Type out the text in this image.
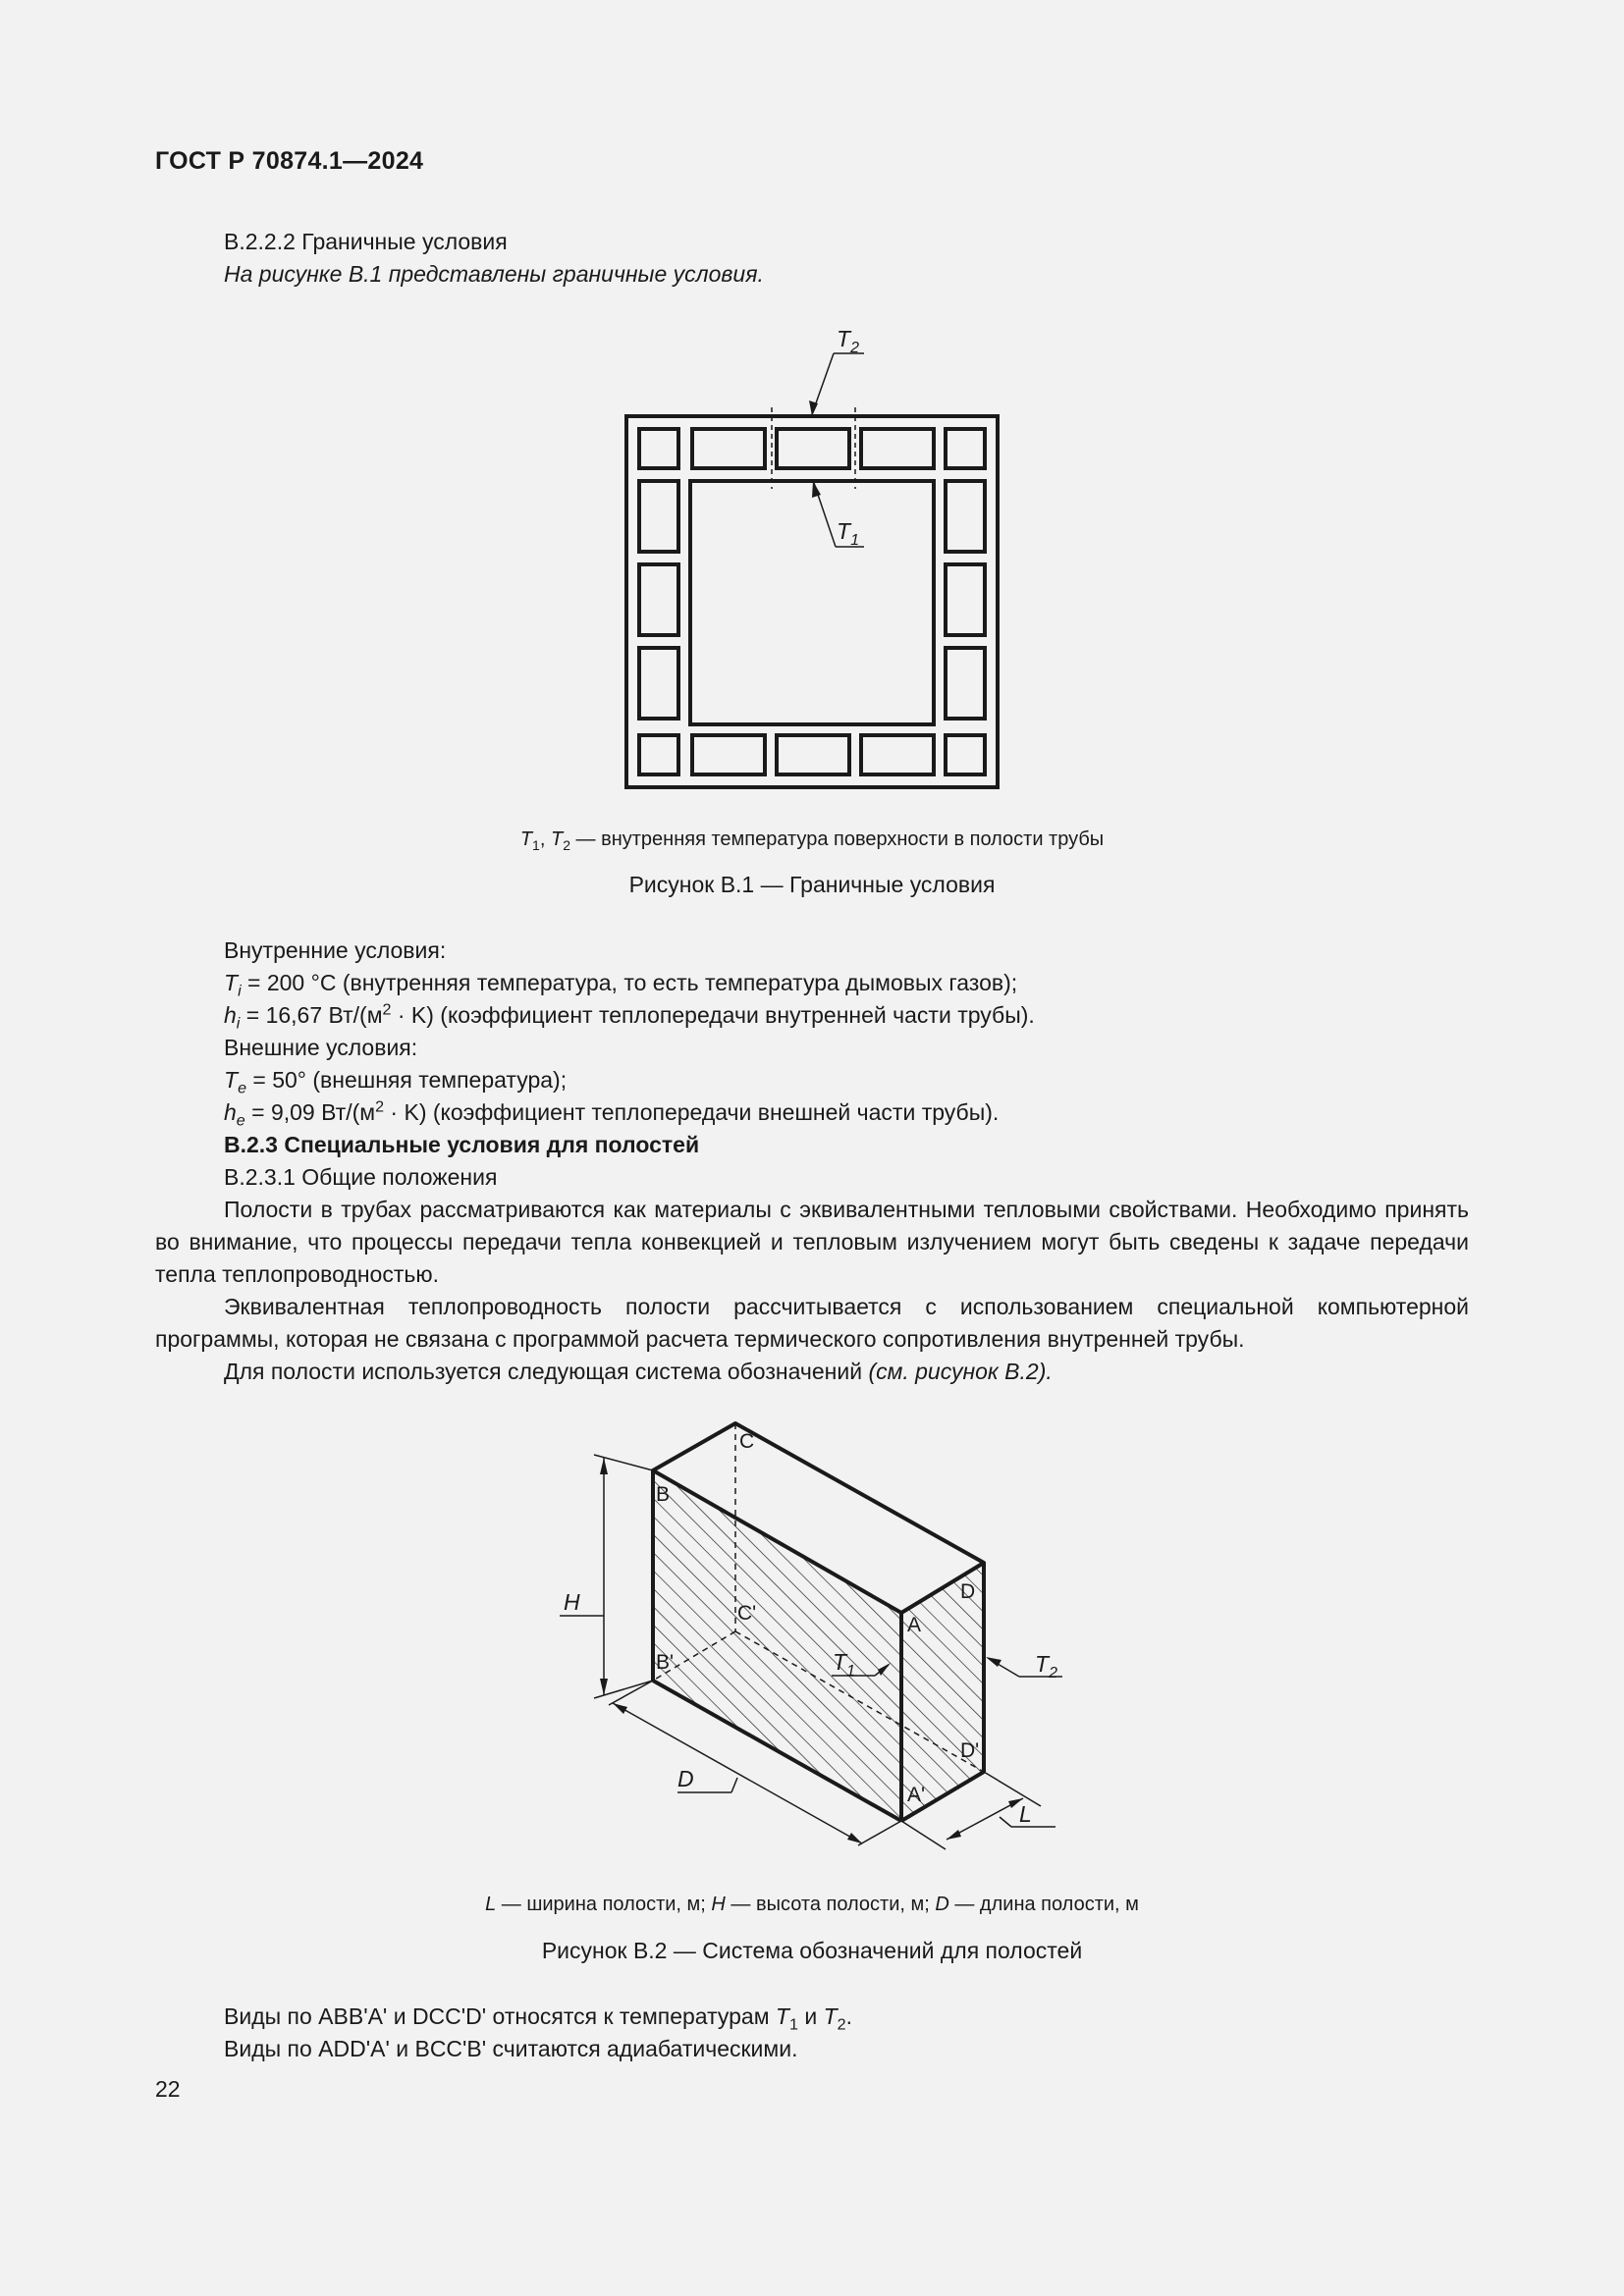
ГОСТ Р 70874.1—2024
В.2.2.2 Граничные условия
На рисунке В.1 представлены граничные условия.
$T_2$
$T_1$
$T_1$, $T_2$ — внутренняя температура поверхности в полости трубы
Рисунок В.1 — Граничные условия
Внутренние условия:
$T_i = 200$ °C (внутренняя температура, то есть температура дымовых газов);
$h_i = 16,67$ $Вт/(м^2 \cdot K)$ (коэффициент теплопередачи внутренней части трубы).
Внешние условия:
$T_e = 50^\circ$ (внешняя температура);
$h_e = 9,09$ $Вт/(м^2 \cdot K)$ (коэффициент теплопередачи внешней части трубы).
В.2.3 Специальные условия для полостей
В.2.3.1 Общие положения
Полости в трубах рассматриваются как материалы с эквивалентными тепловыми свойствами. Необходимо принять во внимание, что процессы передачи тепла конвекцией и тепловым излучением могут быть сведены к задаче передачи тепла теплопроводностью.
Эквивалентная теплопроводность полости рассчитывается с использованием специальной компьютерной программы, которая не связана с программой расчета термического сопротивления внутренней трубы.
Для полости используется следующая система обозначений (см. рисунок В.2).
H
D
L
$T_2$
$T_1$
C
B
C'
B'
A
D
D'
A'
L — ширина полости, м; H — высота полости, м; D — длина полости, м
Рисунок В.2 — Система обозначений для полостей
Виды по ABB'A' и DCC'D' относятся к температурам $T_1$ и $T_2$.
Виды по ADD'A' и BCC'B' считаются адиабатическими.
22
